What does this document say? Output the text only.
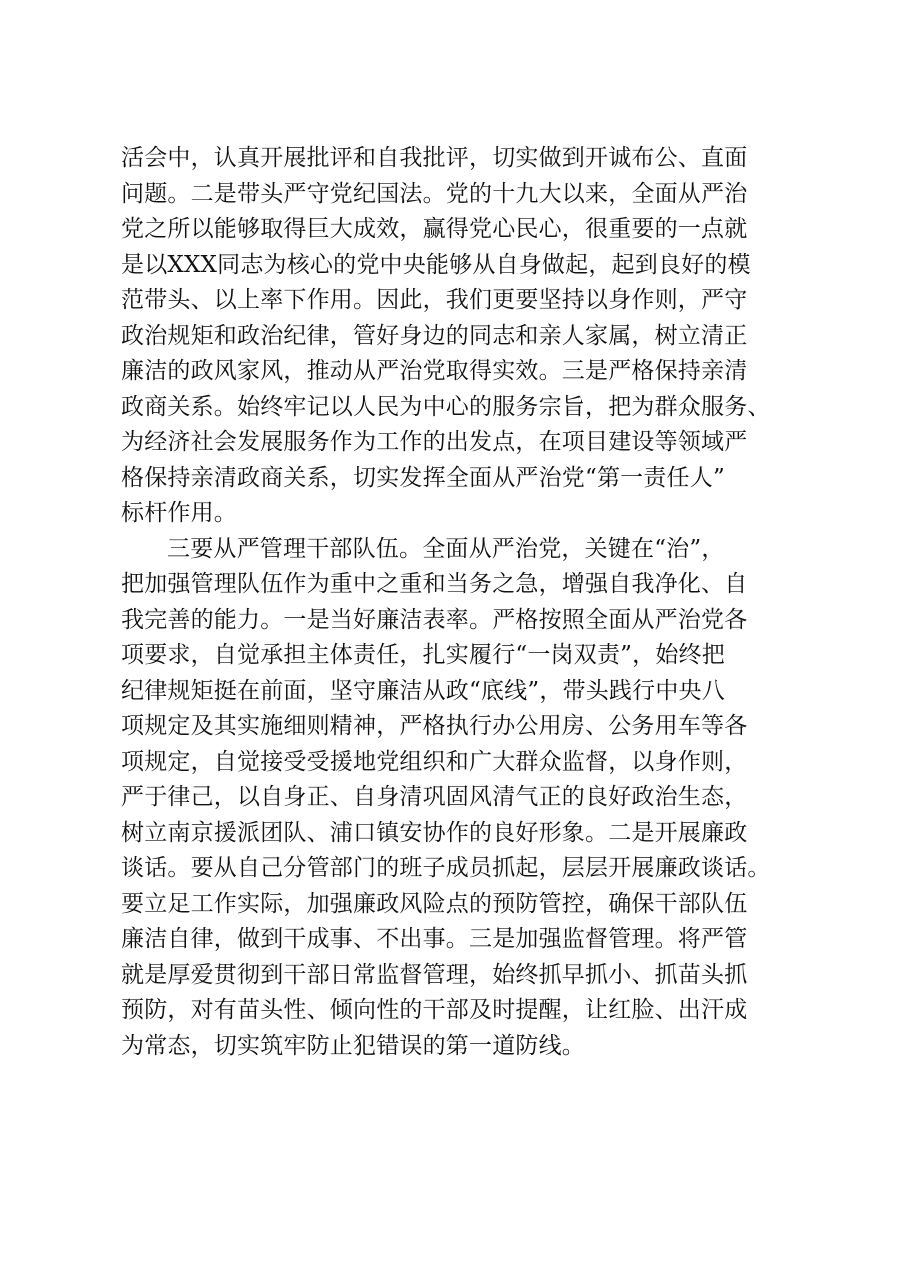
活会中，认真开展批评和自我批评，切实做到开诚布公、直面
问题。二是带头严守党纪国法。党的十九大以来，全面从严治
党之所以能够取得巨大成效，赢得党心民心，很重要的一点就
是以XXX同志为核心的党中央能够从自身做起，起到良好的模
范带头、以上率下作用。因此，我们更要坚持以身作则，严守
政治规矩和政治纪律，管好身边的同志和亲人家属，树立清正
廉洁的政风家风，推动从严治党取得实效。三是严格保持亲清
政商关系。始终牢记以人民为中心的服务宗旨，把为群众服务、
为经济社会发展服务作为工作的出发点，在项目建设等领域严
格保持亲清政商关系，切实发挥全面从严治党“第一责任人”
标杆作用。
三要从严管理干部队伍。全面从严治党，关键在“治”，
把加强管理队伍作为重中之重和当务之急，增强自我净化、自
我完善的能力。一是当好廉洁表率。严格按照全面从严治党各
项要求，自觉承担主体责任，扎实履行“一岗双责”，始终把
纪律规矩挺在前面，坚守廉洁从政“底线”，带头践行中央八
项规定及其实施细则精神，严格执行办公用房、公务用车等各
项规定，自觉接受受援地党组织和广大群众监督，以身作则，
严于律己，以自身正、自身清巩固风清气正的良好政治生态，
树立南京援派团队、浦口镇安协作的良好形象。二是开展廉政
谈话。要从自己分管部门的班子成员抓起，层层开展廉政谈话。
要立足工作实际，加强廉政风险点的预防管控，确保干部队伍
廉洁自律，做到干成事、不出事。三是加强监督管理。将严管
就是厚爱贯彻到干部日常监督管理，始终抓早抓小、抓苗头抓
预防，对有苗头性、倾向性的干部及时提醒，让红脸、出汗成
为常态，切实筑牢防止犯错误的第一道防线。
